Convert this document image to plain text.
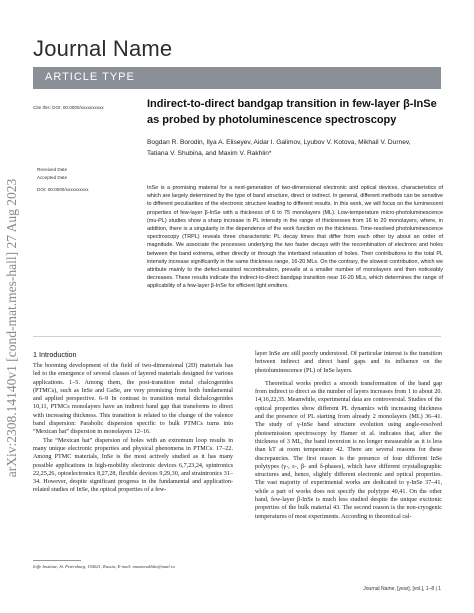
Journal Name
ARTICLE TYPE
arXiv:2308.14140v1 [cond-mat.mes-hall] 27 Aug 2023
Cite this: DOI: 00.0000/xxxxxxxxxx
Received Date
Accepted Date
DOI: 00.0000/xxxxxxxxxx
Indirect-to-direct bandgap transition in few-layer β-InSe as probed by photoluminescence spectroscopy
Bogdan R. Borodin, Ilya A. Eliseyev, Aidar I. Galimov, Lyubov V. Kotova, Mikhail V. Durnev,
Tatiana V. Shubina, and Maxim V. Rakhlin*

InSe is a promising material for a next-generation of two-dimensional electronic and optical devices, characteristics of which are largely determined by the type of band structure, direct or indirect. In general, different methods can be sensitive to different peculiarities of the electronic structure leading to different results. In this work, we will focus on the luminescent properties of few-layer β-InSe with a thickness of 6 to 75 monolayers (ML). Low-temperature micro-photoluminescence (mu-PL) studies show a sharp increase in PL intensity in the range of thicknesses from 16 to 20 monolayers, where, in addition, there is a singularity in the dependence of the work function on the thickness. Time-resolved photoluminescence spectroscopy (TRPL) reveals three characteristic PL decay times that differ from each other by about an order of magnitude. We associate the processes underlying the two faster decays with the recombination of electrons and holes between the band extrema, either directly or through the interband relaxation of holes. Their contributions to the total PL intensity increase significantly in the same thickness range, 16-20 MLs. On the contrary, the slowest contribution, which we attribute mainly to the defect-assisted recombination, prevails at a smaller number of monolayers and then noticeably decreases. These results indicate the indirect-to-direct bandgap transition near 16-20 MLs, which determines the range of applicability of a few-layer β-InSe for efficient light emitters.

1 Introduction

The booming development of the field of two-dimensional (2D) materials has led to the emergence of several classes of layered materials designed for various applications. 1–5. Among them, the post-transition metal chalcogenides (PTMCs), such as InSe and GaSe, are very promising from both fundamental and applied perspective. 6–9 In contrast to transition metal dichalcogenides 10,11, PTMCs monolayers have an indirect band gap that transforms to direct with increasing thickness. This transition is related to the change of the valence band dispersion: Parabolic dispersion specific to bulk PTMCs turns into “Mexican hat” dispersion in monolayers 12–16.

The “Mexican hat” dispersion of holes with an extremum loop results in many unique electronic properties and physical phenomena in PTMCs. 17–22. Among PTMC materials, InSe is the most actively studied as it has many possible applications in high-mobility electronic devices 6,7,23,24, spintronics 22,25,26, optoelectronics 8,27,28, flexible devices 9,29,30, and straintronics 31–34. However, despite significant progress in the fundamental and application-related studies of InSe, the optical properties of a few-

layer InSe are still poorly understood. Of particular interest is the transition between indirect and direct band gaps and its influence on the photoluminescence (PL) of InSe layers.

Theoretical works predict a smooth transformation of the band gap from indirect to direct as the number of layers increases from 1 to about 20. 14,16,22,35. Meanwhile, experimental data are controversial. Studies of the optical properties show different PL dynamics with increasing thickness and the presence of PL starting from already 2 monolayers (ML) 36–41. The study of γ-InSe band structure evolution using angle-resolved photoemission spectroscopy by Hamer et al. indicates that, after the thickness of 3 ML, the band inversion is no longer measurable as it is less than kT at room temperature 42. There are several reasons for these discrepancies. The first reason is the presence of four different InSe polytypes (γ-, ε-, β- and δ-phases), which have different crystallographic structures and, hence, slightly different electronic and optical properties. The vast majority of experimental works are dedicated to γ-InSe 37–41, while a part of works does not specify the polytype 40,41. On the other hand, few-layer β-InSe is much less studied despite the unique excitonic properties of the bulk material 43. The second reason is the non-cryogenic temperatures of most experiments. According to theoretical cal-

Ioffe Institute, St. Petersburg, 194021, Russia; E-mail: maximrakhlin@mail.ru
Journal Name, [year], [vol.], 1–8 | 1
